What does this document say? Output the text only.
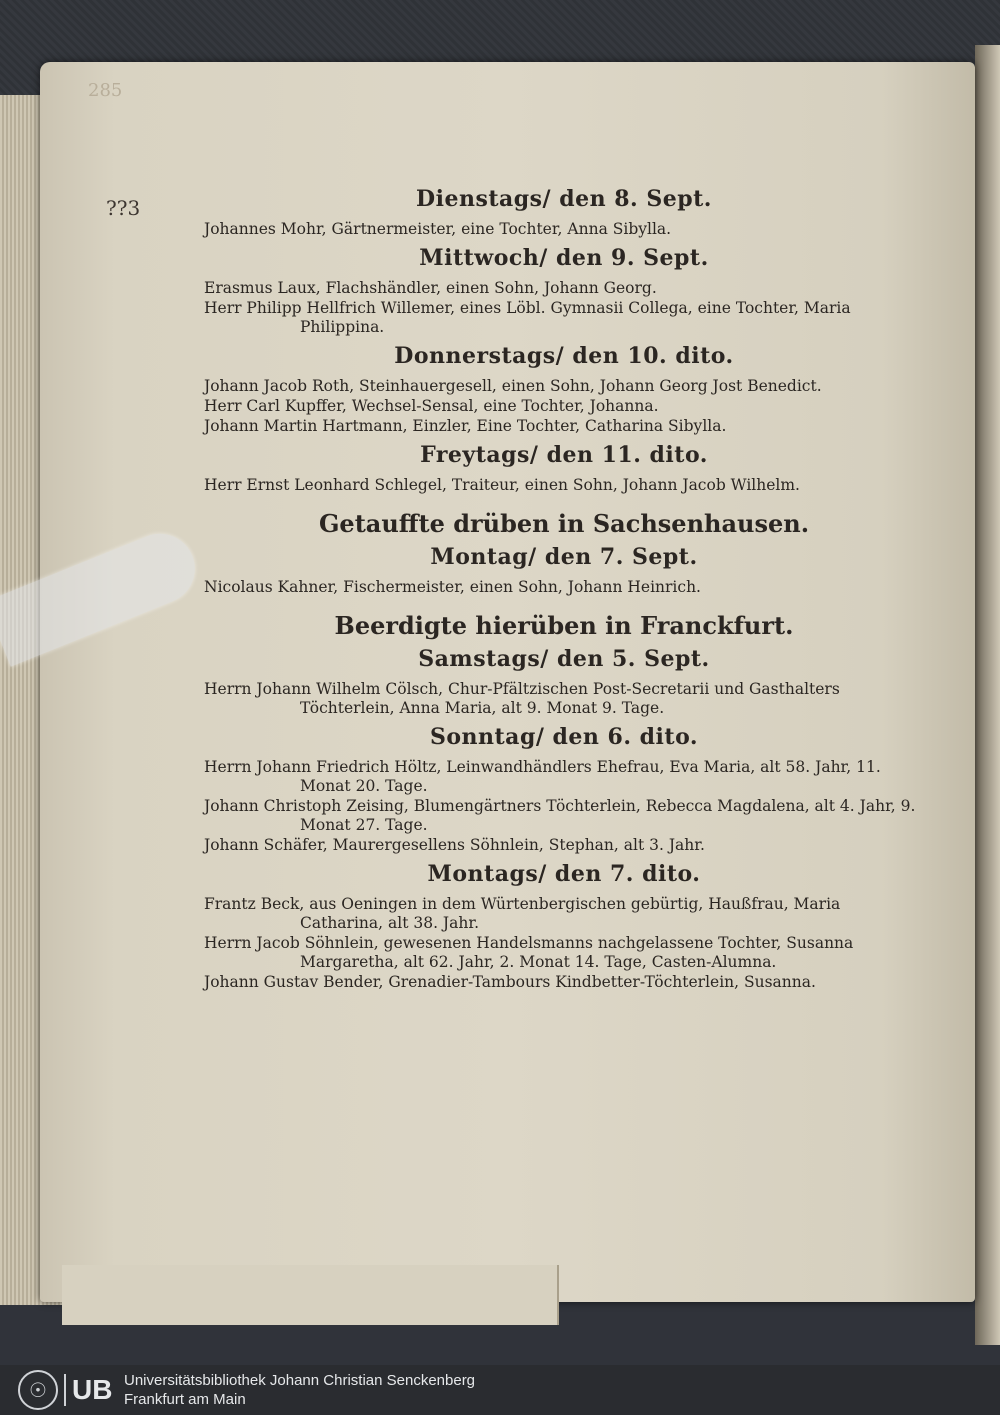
285
??3	Dienstags/ den 8. Sept.
Johannes Mohr, Gärtnermeister, eine Tochter, Anna Sibylla.
Mittwoch/ den 9. Sept.
Erasmus Laux, Flachshändler, einen Sohn, Johann Georg.
Herr Philipp Hellfrich Willemer, eines Löbl. Gymnasii Collega, eine Tochter, Maria Philippina.
Donnerstags/ den 10. dito.
Johann Jacob Roth, Steinhauergesell, einen Sohn, Johann Georg Jost Benedict.
Herr Carl Kupffer, Wechsel-Sensal, eine Tochter, Johanna.
Johann Martin Hartmann, Einzler, Eine Tochter, Catharina Sibylla.
Freytags/ den 11. dito.
Herr Ernst Leonhard Schlegel, Traiteur, einen Sohn, Johann Jacob Wilhelm.
Getauffte drüben in Sachsenhausen.
Montag/ den 7. Sept.
Nicolaus Kahner, Fischermeister, einen Sohn, Johann Heinrich.
Beerdigte hierüben in Franckfurt.
Samstags/ den 5. Sept.
Herrn Johann Wilhelm Cölsch, Chur-Pfältzischen Post-Secretarii und Gasthalters Töchterlein, Anna Maria, alt 9. Monat 9. Tage.
Sonntag/ den 6. dito.
Herrn Johann Friedrich Höltz, Leinwandhändlers Ehefrau, Eva Maria, alt 58. Jahr, 11. Monat 20. Tage.
Johann Christoph Zeising, Blumengärtners Töchterlein, Rebecca Magdalena, alt 4. Jahr, 9. Monat 27. Tage.
Johann Schäfer, Maurergesellens Söhnlein, Stephan, alt 3. Jahr.
Montags/ den 7. dito.
Frantz Beck, aus Oeningen in dem Würtenbergischen gebürtig, Haußfrau, Maria Catharina, alt 38. Jahr.
Herrn Jacob Söhnlein, gewesenen Handelsmanns nachgelassene Tochter, Susanna Margaretha, alt 62. Jahr, 2. Monat 14. Tage, Casten-Alumna.
Johann Gustav Bender, Grenadier-Tambours Kindbetter-Töchterlein, Susanna.
☉ UB Universitätsbibliothek Johann Christian Senckenberg
Frankfurt am Main
